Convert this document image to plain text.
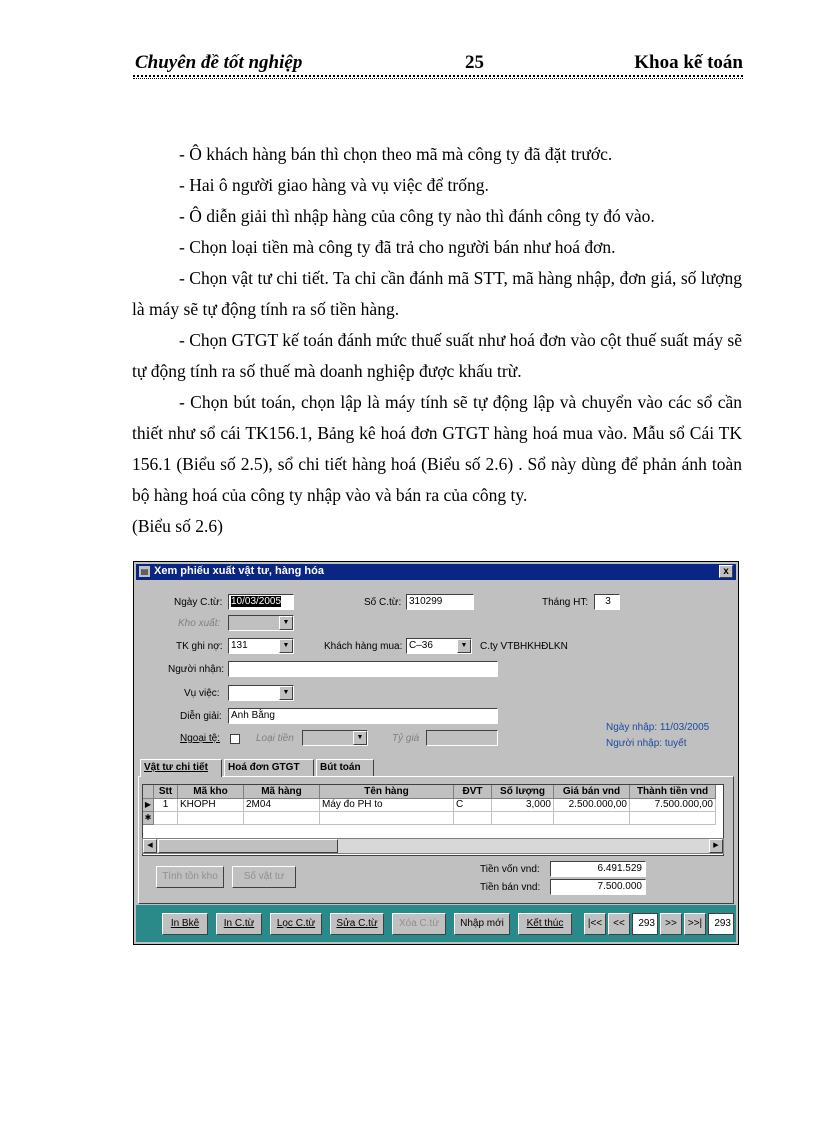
Chuyên đề tốt nghiệp	25	Khoa kế toán

- Ô khách hàng bán thì chọn theo mã mà công ty đã đặt trước.

- Hai ô người giao hàng và vụ việc để trống.

- Ô diễn giải thì nhập hàng của công ty nào thì đánh công ty đó vào.

- Chọn loại tiền mà công ty đã trả cho người bán như hoá đơn.

- Chọn vật tư chi tiết. Ta chỉ cần đánh mã STT, mã hàng nhập, đơn giá, số lượng là máy sẽ tự động tính ra số tiền hàng.

- Chọn GTGT kế toán đánh mức thuế suất như hoá đơn vào cột thuế suất máy sẽ tự động tính ra số thuế mà doanh nghiệp được khấu trừ.

- Chọn bút toán, chọn lập là máy tính sẽ tự động lập và chuyển vào các sổ cần thiết như sổ cái TK156.1, Bảng kê hoá đơn GTGT hàng hoá mua vào. Mẫu sổ Cái TK 156.1 (Biểu số 2.5), sổ chi tiết hàng hoá (Biểu số 2.6) . Sổ này dùng để phản ánh toàn bộ hàng hoá của công ty nhập vào và bán ra của công ty.

(Biểu số 2.6)

▤ Xem phiếu xuất vật tư, hàng hóa	x
Ngày C.từ: 10/03/2005	Số C.từ: 310299	Tháng HT:	3
Kho xuất:	▼
TK ghi nợ: 131	▼	Khách hàng mua: C–36	▼	C.ty VTBHKHĐLKN
Người nhận:
Vụ việc:	▼
Diễn giải: Anh Bằng
Ngày nhập: 11/03/2005
Ngoại tệ:	Loại tiền	▼	Tỷ giá	Người nhập: tuyết
Vật tư chi tiết	Hoá đơn GTGT	Bút toán
Stt	Mã kho	Mã hàng	Tên hàng	ĐVT	Số lượng	Giá bán vnd	Thành tiền vnd
▶	1	KHOPH	2M04	Máy đo PH to	C	3,000	2.500.000,00	7.500.000,00
✱
◀	▶
Tính tồn kho	Số vật tư
Tiền vốn vnd:	6.491.529
Tiền bán vnd:	7.500.000
In Bkê	In C.từ	Lọc C.từ	Sửa C.từ	Xóa C.từ	Nhập mới	Kết thúc	|<<	<<	293	>>	>>|	293
